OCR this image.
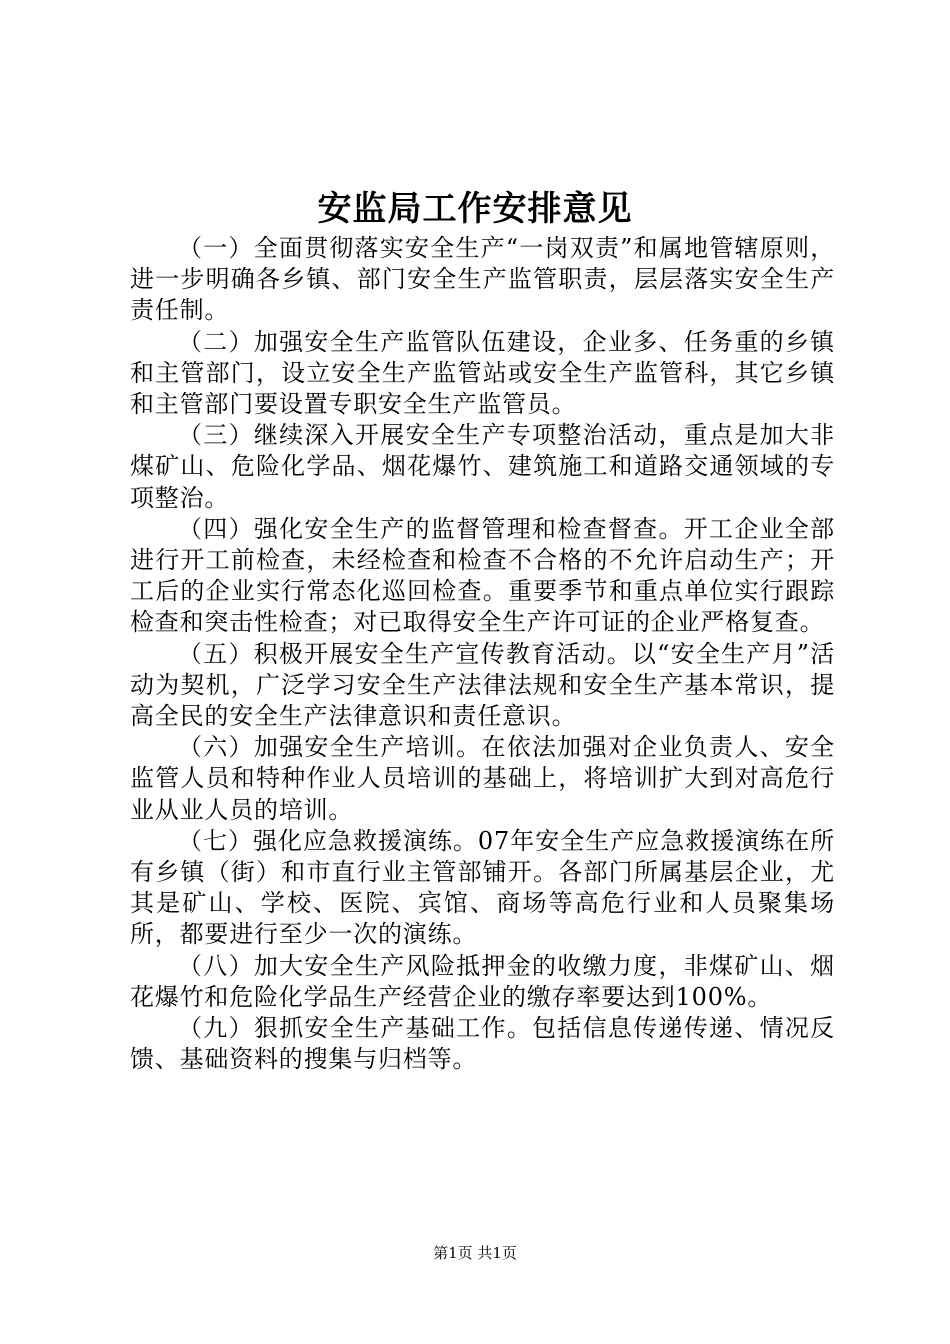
安监局工作安排意见

（一）全面贯彻落实安全生产“一岗双责”和属地管辖原则，进一步明确各乡镇、部门安全生产监管职责，层层落实安全生产责任制。

（二）加强安全生产监管队伍建设，企业多、任务重的乡镇和主管部门，设立安全生产监管站或安全生产监管科，其它乡镇和主管部门要设置专职安全生产监管员。

（三）继续深入开展安全生产专项整治活动，重点是加大非煤矿山、危险化学品、烟花爆竹、建筑施工和道路交通领域的专项整治。

（四）强化安全生产的监督管理和检查督查。开工企业全部进行开工前检查，未经检查和检查不合格的不允许启动生产；开工后的企业实行常态化巡回检查。重要季节和重点单位实行跟踪检查和突击性检查；对已取得安全生产许可证的企业严格复查。

（五）积极开展安全生产宣传教育活动。以“安全生产月”活动为契机，广泛学习安全生产法律法规和安全生产基本常识，提高全民的安全生产法律意识和责任意识。

（六）加强安全生产培训。在依法加强对企业负责人、安全监管人员和特种作业人员培训的基础上，将培训扩大到对高危行业从业人员的培训。

（七）强化应急救援演练。07年安全生产应急救援演练在所有乡镇（街）和市直行业主管部铺开。各部门所属基层企业，尤其是矿山、学校、医院、宾馆、商场等高危行业和人员聚集场所，都要进行至少一次的演练。

（八）加大安全生产风险抵押金的收缴力度，非煤矿山、烟花爆竹和危险化学品生产经营企业的缴存率要达到100%。

（九）狠抓安全生产基础工作。包括信息传递传递、情况反馈、基础资料的搜集与归档等。

第1页 共1页
